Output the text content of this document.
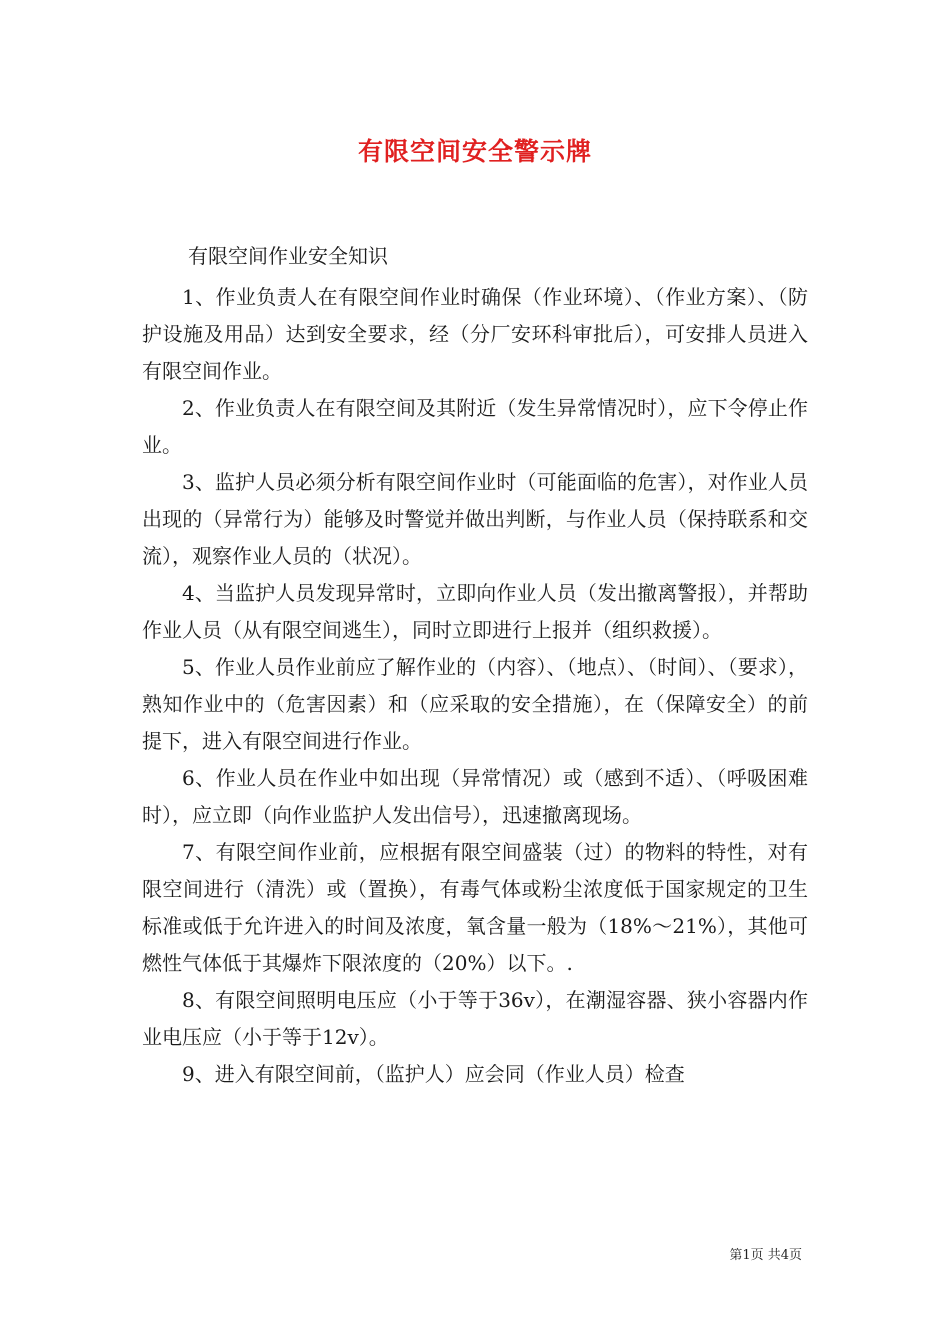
有限空间安全警示牌
有限空间作业安全知识

1、作业负责人在有限空间作业时确保（作业环境）、（作业方案）、（防护设施及用品）达到安全要求，经（分厂安环科审批后），可安排人员进入有限空间作业。

2、作业负责人在有限空间及其附近（发生异常情况时），应下令停止作业。

3、监护人员必须分析有限空间作业时（可能面临的危害），对作业人员出现的（异常行为）能够及时警觉并做出判断，与作业人员（保持联系和交流），观察作业人员的（状况）。

4、当监护人员发现异常时，立即向作业人员（发出撤离警报），并帮助作业人员（从有限空间逃生），同时立即进行上报并（组织救援）。

5、作业人员作业前应了解作业的（内容）、（地点）、（时间）、（要求），熟知作业中的（危害因素）和（应采取的安全措施），在（保障安全）的前提下，进入有限空间进行作业。

6、作业人员在作业中如出现（异常情况）或（感到不适）、（呼吸困难时），应立即（向作业监护人发出信号），迅速撤离现场。

7、有限空间作业前，应根据有限空间盛装（过）的物料的特性，对有限空间进行（清洗）或（置换），有毒气体或粉尘浓度低于国家规定的卫生标准或低于允许进入的时间及浓度，氧含量一般为（18%～21%），其他可燃性气体低于其爆炸下限浓度的（20%）以下。.

8、有限空间照明电压应（小于等于36v），在潮湿容器、狭小容器内作业电压应（小于等于12v）。

9、进入有限空间前，（监护人）应会同（作业人员）检查

第1页 共4页
